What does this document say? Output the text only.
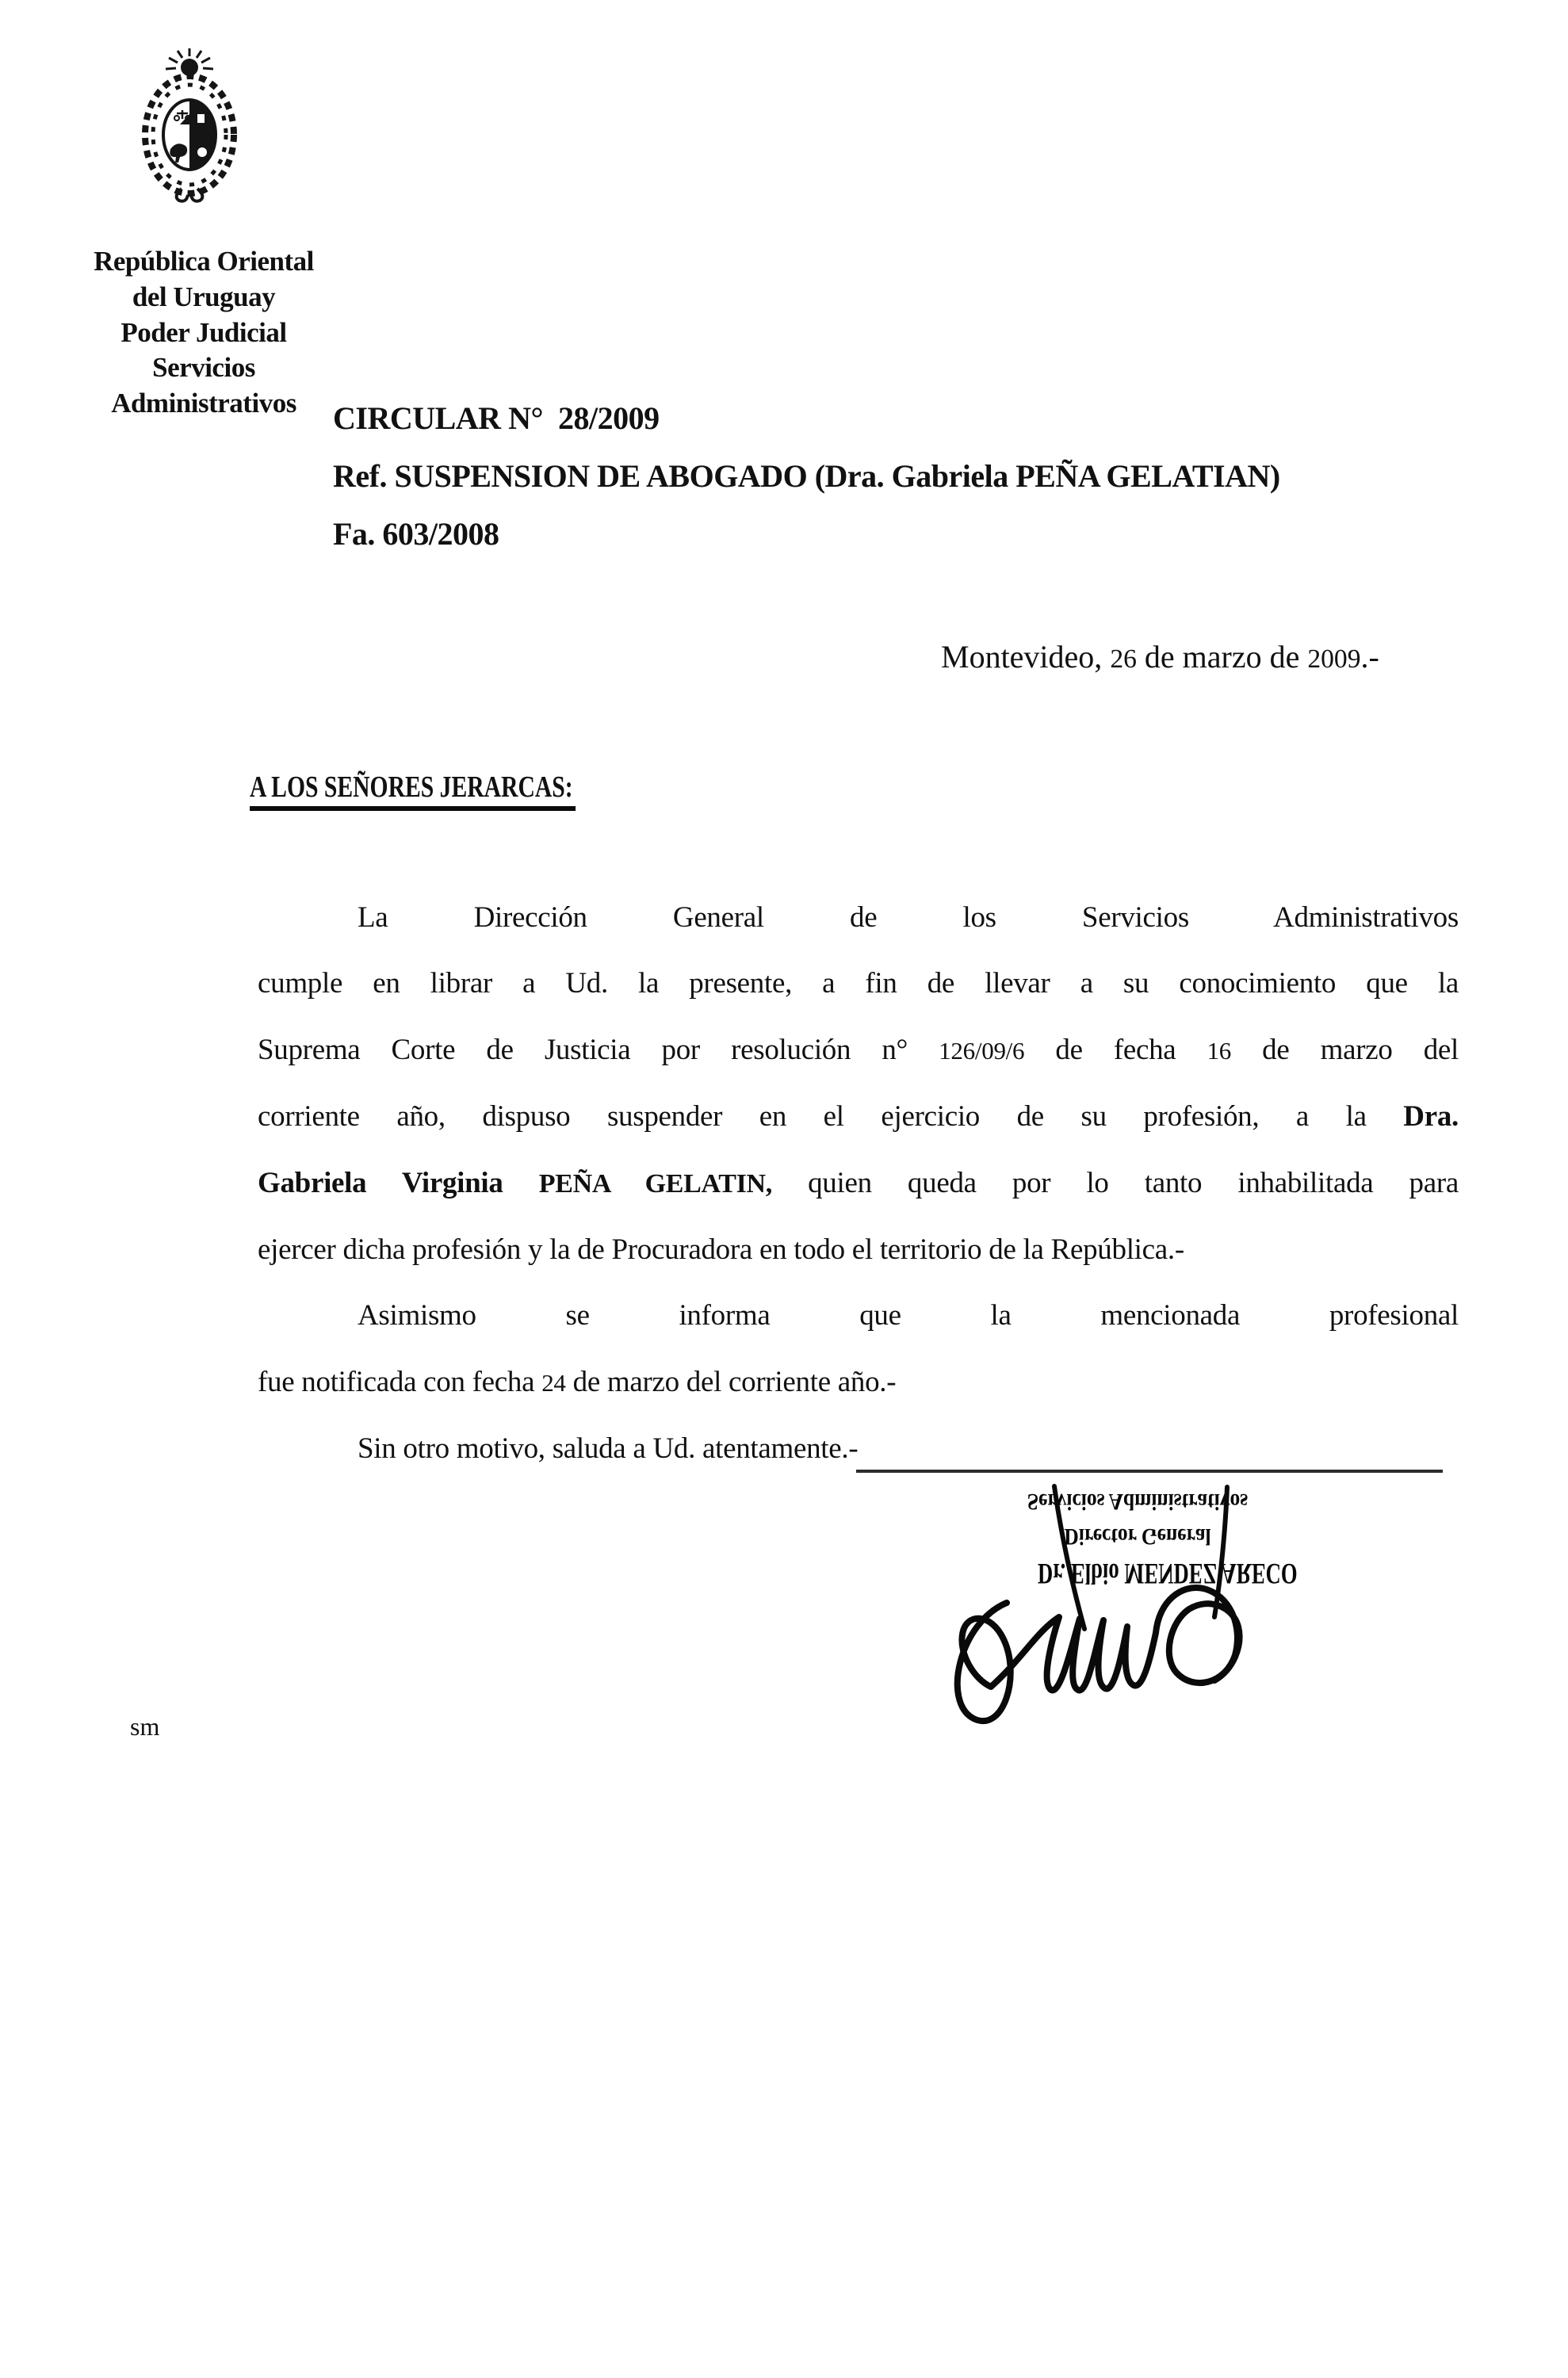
República Oriental
del Uruguay
Poder Judicial
Servicios
Administrativos	CIRCULAR N°  28/2009
Ref. SUSPENSION DE ABOGADO (Dra. Gabriela PEÑA GELATIAN)
Fa. 603/2008
Montevideo, 26 de marzo de 2009.-
A LOS SEÑORES JERARCAS:
La Dirección General de los Servicios Administrativos
cumple en librar a Ud. la presente, a fin de llevar a su conocimiento que la
Suprema Corte de Justicia por resolución n° 126/09/6 de fecha 16 de marzo del
corriente año, dispuso suspender en el ejercicio de su profesión, a la Dra.
Gabriela Virginia PEÑA GELATIN, quien queda por lo tanto inhabilitada para
ejercer dicha profesión y la de Procuradora en todo el territorio de la República.-
Asimismo se informa que la mencionada profesional
fue notificada con fecha 24 de marzo del corriente año.-
Sin otro motivo, saluda a Ud. atentamente.-
Dr. Elbio MENDEZ ARECO
Director General
Servicios Administrativos
sm
